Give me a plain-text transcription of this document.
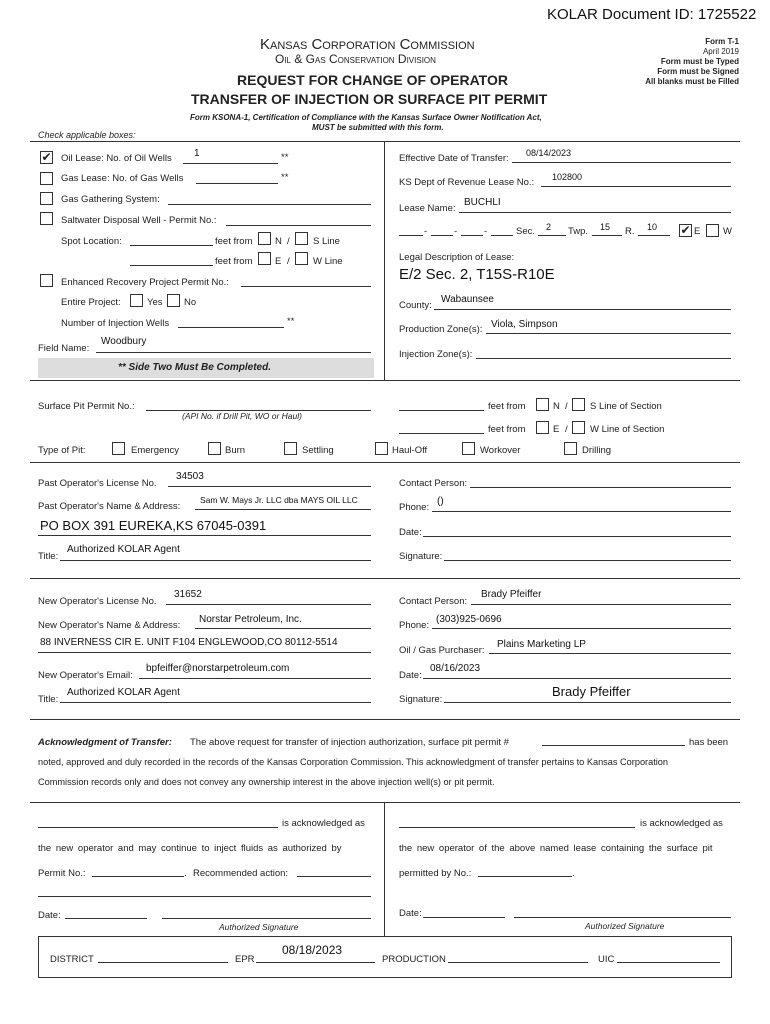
KOLAR Document ID: 1725522
Kansas Corporation Commission
Oil & Gas Conservation Division
REQUEST FOR CHANGE OF OPERATOR
TRANSFER OF INJECTION OR SURFACE PIT PERMIT
Form KSONA-1, Certification of Compliance with the Kansas Surface Owner Notification Act,
MUST be submitted with this form.
Form T-1
April 2019
Form must be Typed
Form must be Signed
All blanks must be Filled
Check applicable boxes:
✔ Oil Lease: No. of Oil Wells 1	**
Gas Lease: No. of Gas Wells	**
Gas Gathering System:
Saltwater Disposal Well - Permit No.:
Spot Location:	feet from N / S Line
feet from E / W Line
Enhanced Recovery Project Permit No.:
Entire Project:	Yes No
Number of Injection Wells	**
Field Name:
Woodbury
** Side Two Must Be Completed.
Effective Date of Transfer: 08/14/2023
KS Dept of Revenue Lease No.: 102800
Lease Name:
BUCHLI
-	-	-	Sec. 2 Twp. 15 R. 10 ✔ E W
Legal Description of Lease:
E/2 Sec. 2, T15S-R10E
County:
Wabaunsee
Production Zone(s): Viola, Simpson
Injection Zone(s):
Surface Pit Permit No.:
(API No. if Drill Pit, WO or Haul)
feet from	N / S Line of Section
feet from	E / W Line of Section
Type of Pit:	Emergency	Burn	Settling	Haul-Off	Workover	Drilling
Past Operator's License No.
34503
Contact Person:
Past Operator's Name & Address:
Sam W. Mays Jr. LLC dba MAYS OIL LLC
Phone:
()
PO BOX 391 EUREKA,KS 67045-0391	Date:
Title:
Authorized KOLAR Agent
Signature:
New Operator's License No.
31652
Contact Person:
Brady Pfeiffer
New Operator's Name & Address:
Norstar Petroleum, Inc.
Phone:
(303)925-0696
88 INVERNESS CIR E. UNIT F104 ENGLEWOOD,CO 80112-5514
Oil / Gas Purchaser:
Plains Marketing LP
New Operator's Email:
bpfeiffer@norstarpetroleum.com
Date:
08/16/2023
Title:
Authorized KOLAR Agent
Signature:
Brady Pfeiffer
Acknowledgment of Transfer: The above request for transfer of injection authorization, surface pit permit #	has been
noted, approved and duly recorded in the records of the Kansas Corporation Commission. This acknowledgment of transfer pertains to Kansas Corporation
Commission records only and does not convey any ownership interest in the above injection well(s) or pit permit.
is acknowledged as
the new operator and may continue to inject fluids as authorized by
Permit No.:	. Recommended action:
Date:
Authorized Signature
is acknowledged as
the new operator of the above named lease containing the surface pit
permitted by No.:	.
Date:
Authorized Signature
DISTRICT	EPR
08/18/2023
PRODUCTION	UIC
